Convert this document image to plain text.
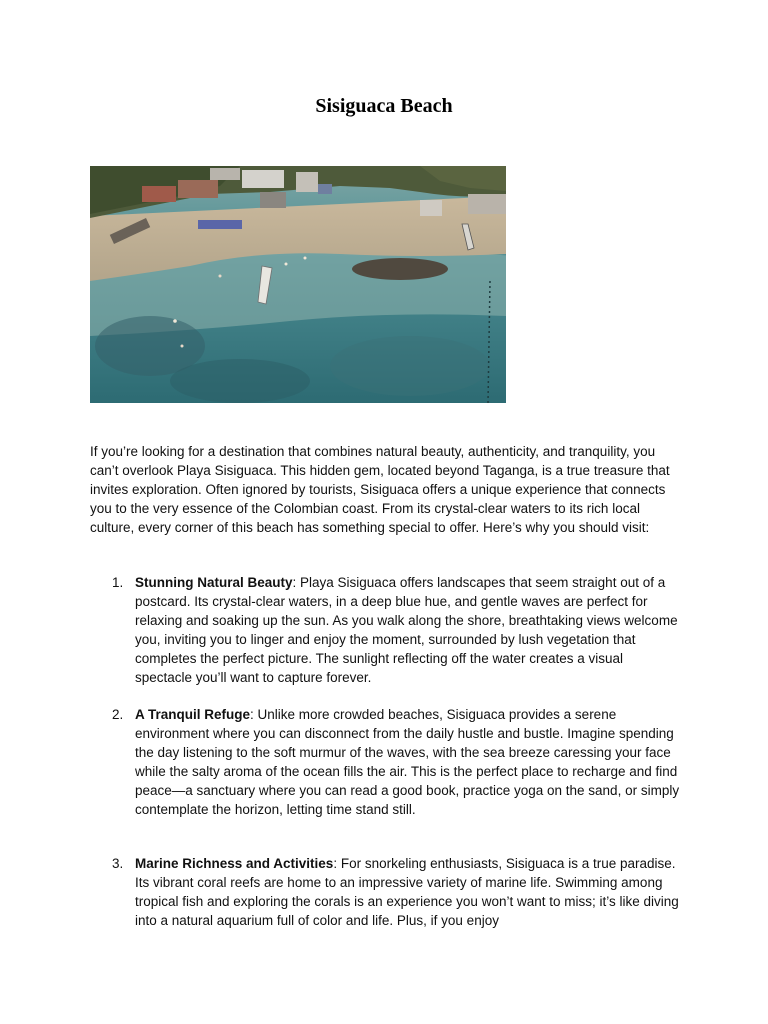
Sisiguaca Beach

If you’re looking for a destination that combines natural beauty, authenticity, and tranquility, you can’t overlook Playa Sisiguaca. This hidden gem, located beyond Taganga, is a true treasure that invites exploration. Often ignored by tourists, Sisiguaca offers a unique experience that connects you to the very essence of the Colombian coast. From its crystal-clear waters to its rich local culture, every corner of this beach has something special to offer. Here’s why you should visit:

1. Stunning Natural Beauty: Playa Sisiguaca offers landscapes that seem straight out of a postcard. Its crystal-clear waters, in a deep blue hue, and gentle waves are perfect for relaxing and soaking up the sun. As you walk along the shore, breathtaking views welcome you, inviting you to linger and enjoy the moment, surrounded by lush vegetation that completes the perfect picture. The sunlight reflecting off the water creates a visual spectacle you’ll want to capture forever.
2. A Tranquil Refuge: Unlike more crowded beaches, Sisiguaca provides a serene environment where you can disconnect from the daily hustle and bustle. Imagine spending the day listening to the soft murmur of the waves, with the sea breeze caressing your face while the salty aroma of the ocean fills the air. This is the perfect place to recharge and find peace—a sanctuary where you can read a good book, practice yoga on the sand, or simply contemplate the horizon, letting time stand still.
3. Marine Richness and Activities: For snorkeling enthusiasts, Sisiguaca is a true paradise. Its vibrant coral reefs are home to an impressive variety of marine life. Swimming among tropical fish and exploring the corals is an experience you won’t want to miss; it’s like diving into a natural aquarium full of color and life. Plus, if you enjoy
